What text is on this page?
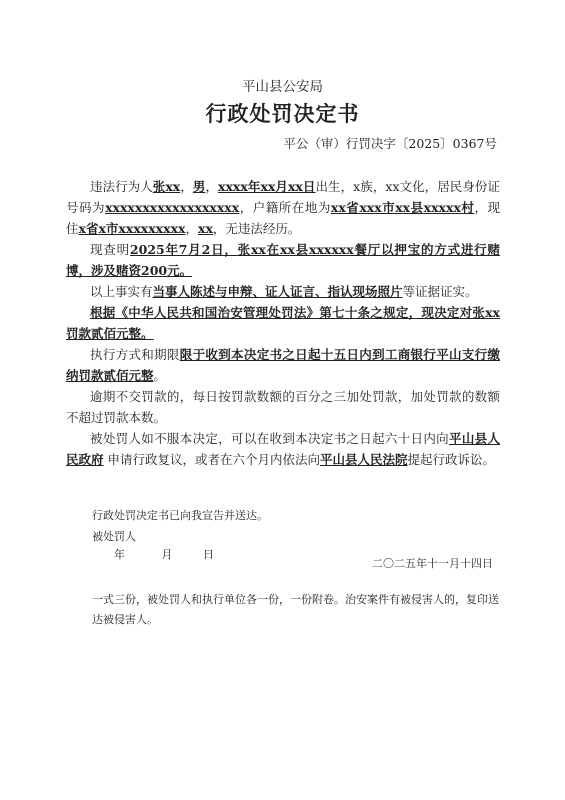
平山县公安局
行政处罚决定书
平公（审）行罚决字〔2025〕0367号

违法行为人张xx，男，xxxx年xx月xx日出生，x族，xx文化，居民身份证号码为xxxxxxxxxxxxxxxxxx，户籍所在地为xx省xxx市xx县xxxxx村，现住x省x市xxxxxxxxx，xx，无违法经历。

现查明2025年7月2日，张xx在xx县xxxxxx餐厅以押宝的方式进行赌博，涉及赌资200元。

以上事实有当事人陈述与申辩、证人证言、指认现场照片等证据证实。

根据《中华人民共和国治安管理处罚法》第七十条之规定，现决定对张xx罚款贰佰元整。

执行方式和期限限于收到本决定书之日起十五日内到工商银行平山支行缴纳罚款贰佰元整。

逾期不交罚款的，每日按罚款数额的百分之三加处罚款，加处罚款的数额不超过罚款本数。

被处罚人如不服本决定，可以在收到本决定书之日起六十日内向平山县人民政府 申请行政复议，或者在六个月内依法向平山县人民法院提起行政诉讼。

行政处罚决定书已向我宣告并送达。
被处罚人
年	月	日
二〇二五年十一月十四日
一式三份，被处罚人和执行单位各一份，一份附卷。治安案件有被侵害人的，复印送达被侵害人。
